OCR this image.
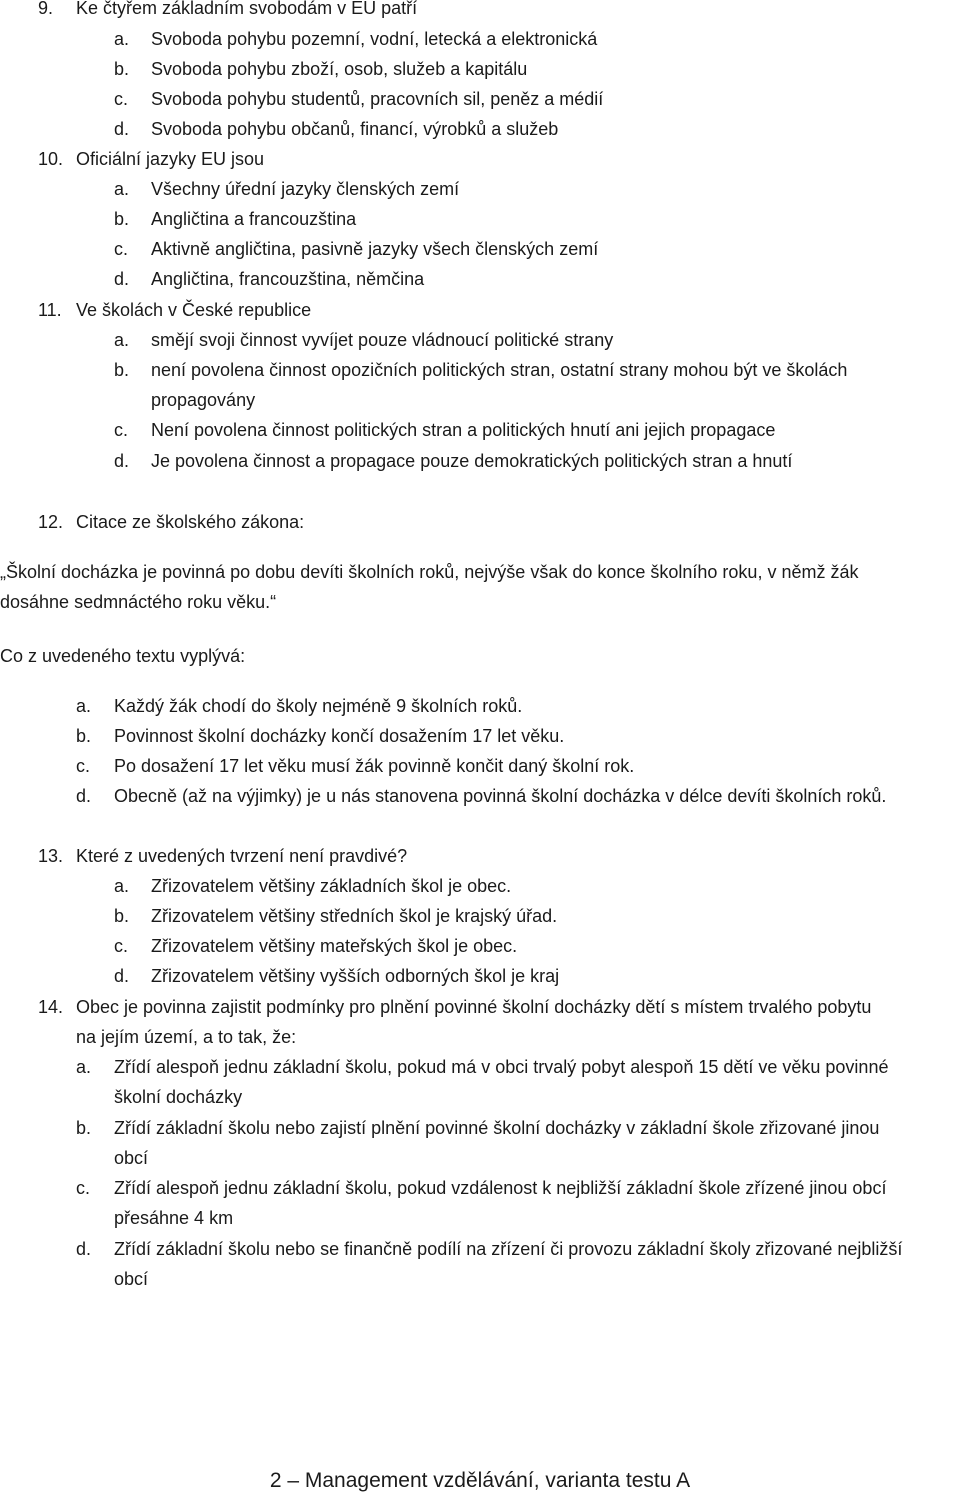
9. Ke čtyřem základním svobodám v EU patří
a. Svoboda pohybu pozemní, vodní, letecká a elektronická
b. Svoboda pohybu zboží, osob, služeb a kapitálu
c. Svoboda pohybu studentů, pracovních sil, peněz a médií
d. Svoboda pohybu občanů, financí, výrobků a služeb
10. Oficiální jazyky EU jsou
a. Všechny úřední jazyky členských zemí
b. Angličtina a francouzština
c. Aktivně angličtina, pasivně jazyky všech členských zemí
d. Angličtina, francouzština, němčina
11. Ve školách v České republice
a. smějí svoji činnost vyvíjet pouze vládnoucí politické strany
b. není povolena činnost opozičních politických stran, ostatní strany mohou být ve školách
propagovány
c. Není povolena činnost politických stran a politických hnutí ani jejich propagace
d. Je povolena činnost a propagace pouze demokratických politických stran a hnutí
12. Citace ze školského zákona:
„Školní docházka je povinná po dobu devíti školních roků, nejvýše však do konce školního roku, v němž žák
dosáhne sedmnáctého roku věku.“
Co z uvedeného textu vyplývá:
a. Každý žák chodí do školy nejméně 9 školních roků.
b. Povinnost školní docházky končí dosažením 17 let věku.
c. Po dosažení 17 let věku musí žák povinně končit daný školní rok.
d. Obecně (až na výjimky) je u nás stanovena povinná školní docházka v délce devíti školních roků.
13. Které z uvedených tvrzení není pravdivé?
a. Zřizovatelem většiny základních škol je obec.
b. Zřizovatelem většiny středních škol je krajský úřad.
c. Zřizovatelem většiny mateřských škol je obec.
d. Zřizovatelem většiny vyšších odborných škol je kraj
14. Obec je povinna zajistit podmínky pro plnění povinné školní docházky dětí s místem trvalého pobytu
na jejím území, a to tak, že:
a. Zřídí alespoň jednu základní školu, pokud má v obci trvalý pobyt alespoň 15 dětí ve věku povinné
školní docházky
b. Zřídí základní školu nebo zajistí plnění povinné školní docházky v základní škole zřizované jinou
obcí
c. Zřídí alespoň jednu základní školu, pokud vzdálenost k nejbližší základní škole zřízené jinou obcí
přesáhne 4 km
d. Zřídí základní školu nebo se finančně podílí na zřízení či provozu základní školy zřizované nejbližší
obcí
2 – Management vzdělávání, varianta testu A
